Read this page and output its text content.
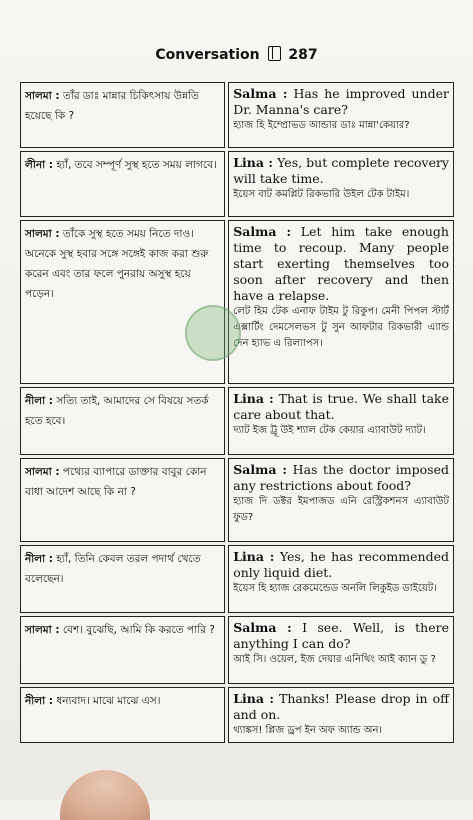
Conversation 287
সালমা : তাঁর ডাঃ মান্নার চিকিৎসায় উন্নতি হয়েছে কি ?	Salma : Has he improved under Dr. Manna's care?
হ্যাজ হি ইম্প্রোভড আন্ডার ডাঃ মান্না'কেয়ার?

লীনা : হ্যাঁ, তবে সম্পূর্ণ সুস্থ হতে সময় লাগবে।	Lina : Yes, but complete recovery will take time.
ইয়েস বাট কমপ্লিট রিকভারি উইল টেক টাইম।

সালমা : তাঁকে সুস্থ হতে সময় নিতে দাও। অনেকে সুস্থ হবার সঙ্গে সঙ্গেই কাজ করা শুরু করেন এবং তার ফলে পুনরায় অসুস্থ হয়ে পড়েন।	Salma : Let him take enough time to recoup. Many people start exerting themselves too soon after recovery and then have a relapse.
লেট হিম টেক এনাফ টাইম টু রিকুপ। মেনী পিপল স্টার্ট এক্সার্টিং দেমসেলভস টু সুন আফটার রিকভারী এ্যান্ড দেন হ্যাভ এ রিল্যাপস।

নীলা : সত্যি তাই, আমাদের সে বিষয়ে সতর্ক হতে হবে।	Lina : That is true. We shall take care about that.
দ্যাট ইজ ট্রূ উই শ্যাল টেক কেয়ার এ্যাবাউট দ্যাট।

সালমা : পথ্যের ব্যাপারে ডাক্তার বাবুর কোন বাধা আদেশ আছে কি না ?	Salma : Has the doctor imposed any restrictions about food?
হ্যাজ দি ডক্টর ইমপাজড এনি রেস্ট্রিকশনস এ্যাবাউট ফুড?

নীলা : হ্যাঁ, তিনি কেবল তরল পদার্থ খেতে বলেছেন।	Lina : Yes, he has recommended only liquid diet.
ইয়েস হি হ্যাজ রেকমেন্ডেড অনলি লিকুইড ডাইয়েট।

সালমা : বেশ। বুঝেছি, আমি কি করতে পারি ?	Salma : I see. Well, is there anything I can do?
আই সি। ওয়েল, ইজ দেয়ার এনিথিং আই ক্যান ডু ?

নীলা : ধন্যবাদ। মাঝে মাঝে এস।	Lina : Thanks! Please drop in off and on.
থ্যাঙ্কস! প্লিজ ড্রপ ইন অফ অ্যান্ড অন।
